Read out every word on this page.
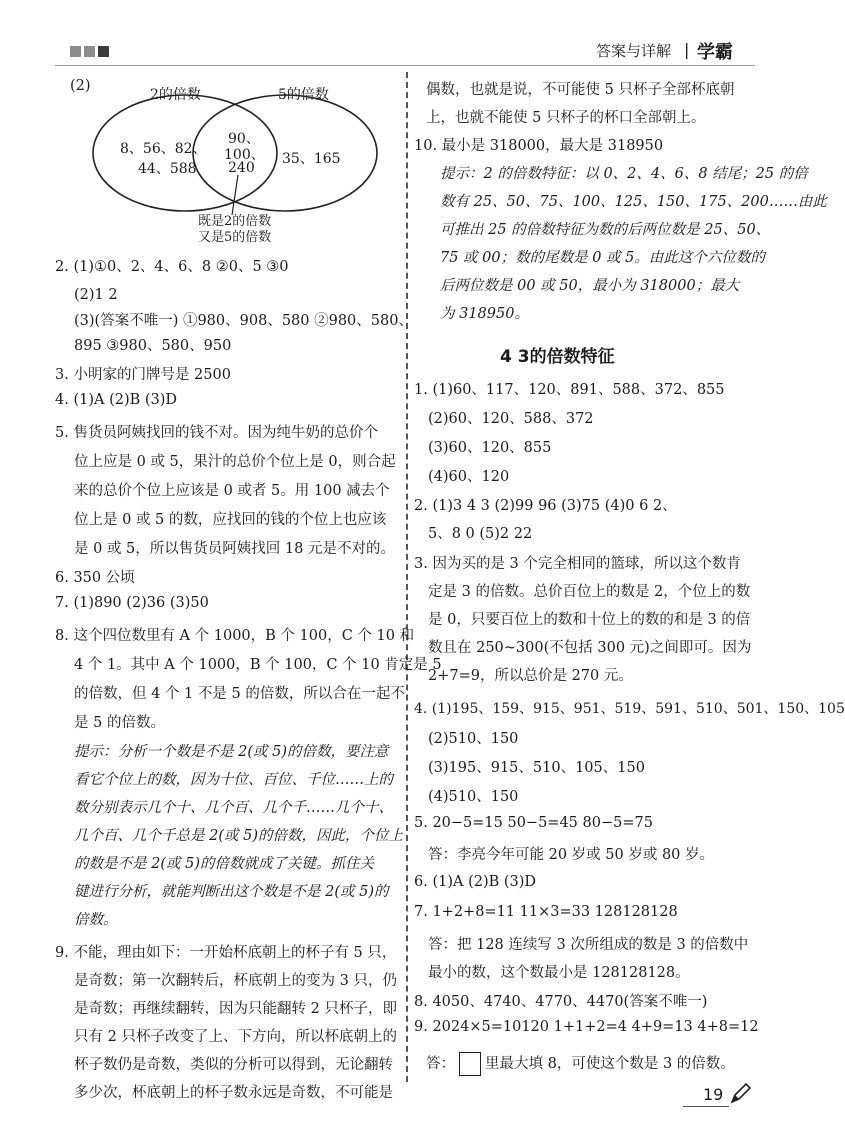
答案与详解 | 学霸
(2)
2的倍数	5的倍数
8、56、82、
44、588
90、
100、
240
35、165
既是2的倍数
又是5的倍数
2. (1)①0、2、4、6、8 ②0、5 ③0
(2)1 2
(3)(答案不唯一) ①980、908、580 ②980、580、
895 ③980、580、950
3. 小明家的门牌号是 2500
4. (1)A (2)B (3)D
5. 售货员阿姨找回的钱不对。因为纯牛奶的总价个
位上应是 0 或 5，果汁的总价个位上是 0，则合起
来的总价个位上应该是 0 或者 5。用 100 减去个
位上是 0 或 5 的数，应找回的钱的个位上也应该
是 0 或 5，所以售货员阿姨找回 18 元是不对的。
6. 350 公顷
7. (1)890 (2)36 (3)50
8. 这个四位数里有 A 个 1000，B 个 100，C 个 10 和
4 个 1。其中 A 个 1000，B 个 100，C 个 10 肯定是 5
的倍数，但 4 个 1 不是 5 的倍数，所以合在一起不
是 5 的倍数。
提示：分析一个数是不是 2(或 5)的倍数，要注意
看它个位上的数，因为十位、百位、千位……上的
数分别表示几个十、几个百、几个千……几个十、
几个百、几个千总是 2(或 5)的倍数，因此，个位上
的数是不是 2(或 5)的倍数就成了关键。抓住关
键进行分析，就能判断出这个数是不是 2(或 5)的
倍数。
9. 不能，理由如下：一开始杯底朝上的杯子有 5 只，
是奇数；第一次翻转后，杯底朝上的变为 3 只，仍
是奇数；再继续翻转，因为只能翻转 2 只杯子，即
只有 2 只杯子改变了上、下方向，所以杯底朝上的
杯子数仍是奇数，类似的分析可以得到，无论翻转
多少次，杯底朝上的杯子数永远是奇数，不可能是
偶数，也就是说，不可能使 5 只杯子全部杯底朝
上，也就不能使 5 只杯子的杯口全部朝上。
10. 最小是 318000，最大是 318950
提示：2 的倍数特征：以 0、2、4、6、8 结尾；25 的倍
数有 25、50、75、100、125、150、175、200……由此
可推出 25 的倍数特征为数的后两位数是 25、50、
75 或 00；数的尾数是 0 或 5。由此这个六位数的
后两位数是 00 或 50，最小为 318000；最大
为 318950。
4 3的倍数特征
1. (1)60、117、120、891、588、372、855
(2)60、120、588、372
(3)60、120、855
(4)60、120
2. (1)3 4 3 (2)99 96 (3)75 (4)0 6 2、
5、8 0 (5)2 22
3. 因为买的是 3 个完全相同的篮球，所以这个数肯
定是 3 的倍数。总价百位上的数是 2，个位上的数
是 0，只要百位上的数和十位上的数的和是 3 的倍
数且在 250~300(不包括 300 元)之间即可。因为
2+7=9，所以总价是 270 元。
4. (1)195、159、915、951、519、591、510、501、150、105
(2)510、150
(3)195、915、510、105、150
(4)510、150
5. 20−5=15 50−5=45 80−5=75
答：李亮今年可能 20 岁或 50 岁或 80 岁。
6. (1)A (2)B (3)D
7. 1+2+8=11 11×3=33 128128128
答：把 128 连续写 3 次所组成的数是 3 的倍数中
最小的数，这个数最小是 128128128。
8. 4050、4740、4770、4470(答案不唯一)
9. 2024×5=10120 1+1+2=4 4+9=13 4+8=12
答： 里最大填 8，可使这个数是 3 的倍数。
19
